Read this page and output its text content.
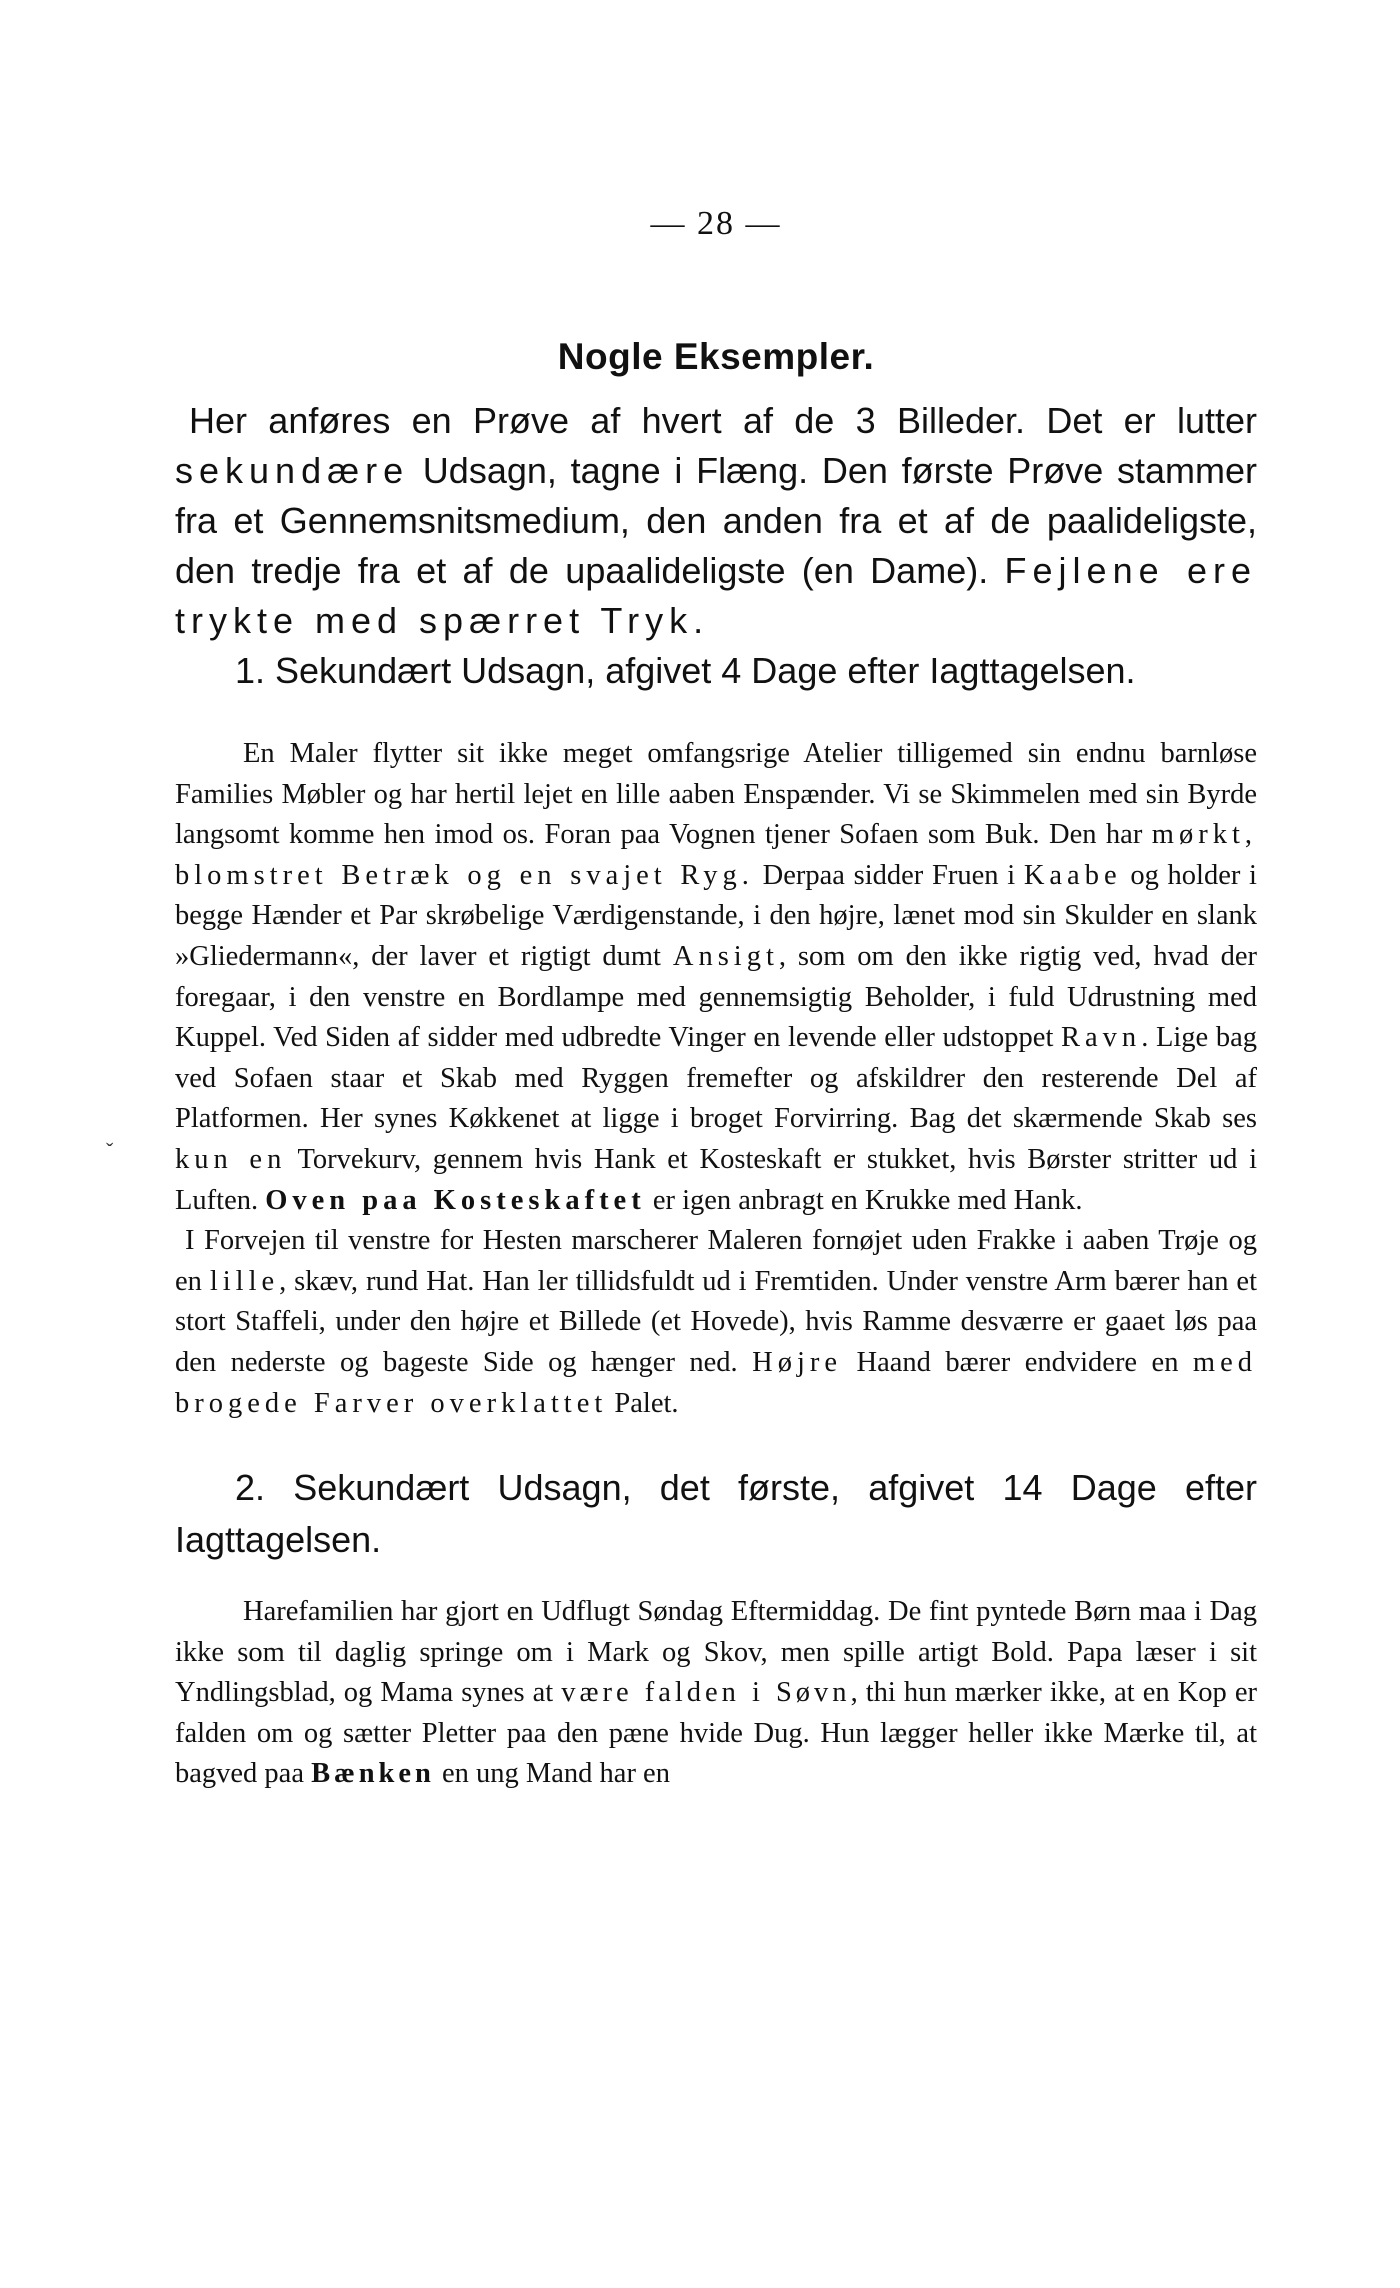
— 28 —
Nogle Eksempler.

Her anføres en Prøve af hvert af de 3 Billeder. Det er lutter sekundære Udsagn, tagne i Flæng. Den første Prøve stammer fra et Gennemsnitsmedium, den anden fra et af de paalideligste, den tredje fra et af de upaalideligste (en Dame). Fejlene ere trykte med spærret Tryk.

1. Sekundært Udsagn, afgivet 4 Dage efter Iagttagelsen.

En Maler flytter sit ikke meget omfangsrige Atelier tilligemed sin endnu barnløse Families Møbler og har hertil lejet en lille aaben Enspænder. Vi se Skimmelen med sin Byrde langsomt komme hen imod os. Foran paa Vognen tjener Sofaen som Buk. Den har mørkt, blomstret Betræk og en svajet Ryg. Derpaa sidder Fruen i Kaabe og holder i begge Hænder et Par skrøbelige Værdigenstande, i den højre, lænet mod sin Skulder en slank »Gliedermann«, der laver et rigtigt dumt Ansigt, som om den ikke rigtig ved, hvad der foregaar, i den venstre en Bordlampe med gennemsigtig Beholder, i fuld Udrustning med Kuppel. Ved Siden af sidder med udbredte Vinger en levende eller udstoppet Ravn. Lige bag ved Sofaen staar et Skab med Ryggen fremefter og afskildrer den resterende Del af Platformen. Her synes Køkkenet at ligge i broget Forvirring. Bag det skærmende Skab ses kun en Torvekurv, gennem hvis Hank et Kosteskaft er stukket, hvis Børster stritter ud i Luften. Oven paa Kosteskaftet er igen anbragt en Krukke med Hank.

I Forvejen til venstre for Hesten marscherer Maleren fornøjet uden Frakke i aaben Trøje og en lille, skæv, rund Hat. Han ler tillidsfuldt ud i Fremtiden. Under venstre Arm bærer han et stort Staffeli, under den højre et Billede (et Hovede), hvis Ramme desværre er gaaet løs paa den nederste og bageste Side og hænger ned. Højre Haand bærer endvidere en med brogede Farver overklattet Palet.

2. Sekundært Udsagn, det første, afgivet 14 Dage efter Iagttagelsen.

Harefamilien har gjort en Udflugt Søndag Eftermiddag. De fint pyntede Børn maa i Dag ikke som til daglig springe om i Mark og Skov, men spille artigt Bold. Papa læser i sit Yndlingsblad, og Mama synes at være falden i Søvn, thi hun mærker ikke, at en Kop er falden om og sætter Pletter paa den pæne hvide Dug. Hun lægger heller ikke Mærke til, at bagved paa Bænken en ung Mand har en

ˇ
